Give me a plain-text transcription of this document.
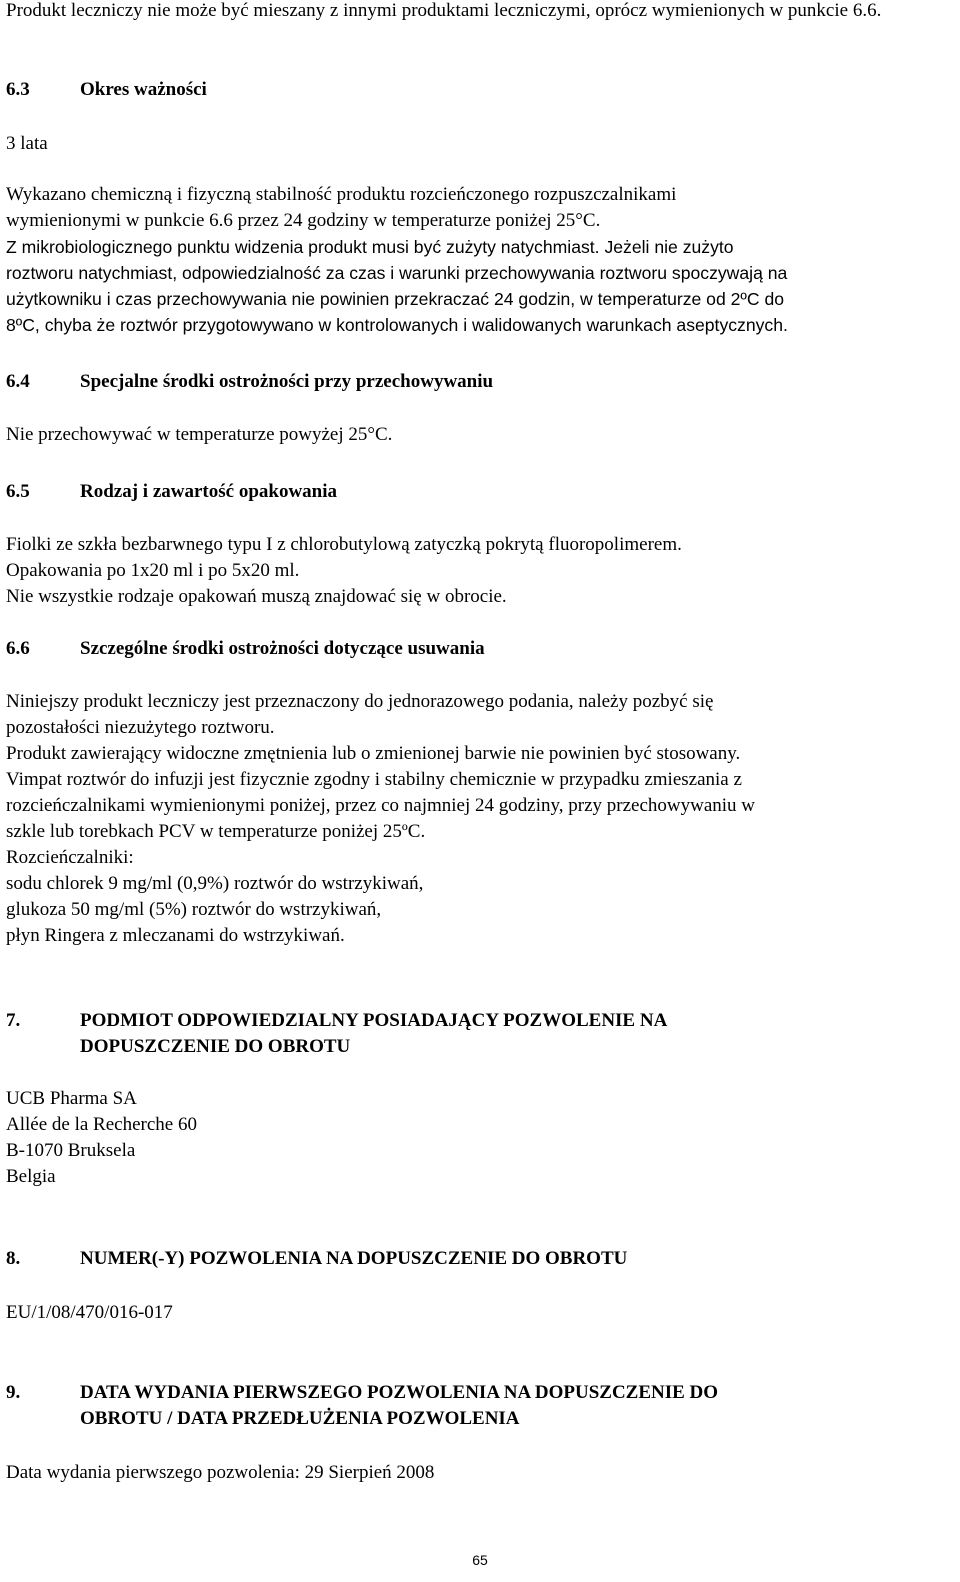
Produkt leczniczy nie może być mieszany z innymi produktami leczniczymi, oprócz wymienionych w punkcie 6.6.

6.3	Okres ważności

3 lata

Wykazano chemiczną i fizyczną stabilność produktu rozcieńczonego rozpuszczalnikami
wymienionymi w punkcie 6.6 przez 24 godziny w temperaturze poniżej 25°C.

Z mikrobiologicznego punktu widzenia produkt musi być zużyty natychmiast. Jeżeli nie zużyto
roztworu natychmiast, odpowiedzialność za czas i warunki przechowywania roztworu spoczywają na
użytkowniku i czas przechowywania nie powinien przekraczać 24 godzin, w temperaturze od 2ºC do
8ºC, chyba że roztwór przygotowywano w kontrolowanych i walidowanych warunkach aseptycznych.

6.4	Specjalne środki ostrożności przy przechowywaniu

Nie przechowywać w temperaturze powyżej 25°C.

6.5	Rodzaj i zawartość opakowania

Fiolki ze szkła bezbarwnego typu I z chlorobutylową zatyczką pokrytą fluoropolimerem.
Opakowania po 1x20 ml i po 5x20 ml.
Nie wszystkie rodzaje opakowań muszą znajdować się w obrocie.

6.6	Szczególne środki ostrożności dotyczące usuwania

Niniejszy produkt leczniczy jest przeznaczony do jednorazowego podania, należy pozbyć się
pozostałości niezużytego roztworu.
Produkt zawierający widoczne zmętnienia lub o zmienionej barwie nie powinien być stosowany.
Vimpat roztwór do infuzji jest fizycznie zgodny i stabilny chemicznie w przypadku zmieszania z
rozcieńczalnikami wymienionymi poniżej, przez co najmniej 24 godziny, przy przechowywaniu w
szkle lub torebkach PCV w temperaturze poniżej 25ºC.
Rozcieńczalniki:
sodu chlorek 9 mg/ml (0,9%) roztwór do wstrzykiwań,
glukoza 50 mg/ml (5%) roztwór do wstrzykiwań,
płyn Ringera z mleczanami do wstrzykiwań.

7.	PODMIOT ODPOWIEDZIALNY POSIADAJĄCY POZWOLENIE NA
DOPUSZCZENIE DO OBROTU

UCB Pharma SA
Allée de la Recherche 60
B-1070 Bruksela
Belgia

8.	NUMER(-Y) POZWOLENIA NA DOPUSZCZENIE DO OBROTU

EU/1/08/470/016-017

9.	DATA WYDANIA PIERWSZEGO POZWOLENIA NA DOPUSZCZENIE DO
OBROTU / DATA PRZEDŁUŻENIA POZWOLENIA

Data wydania pierwszego pozwolenia: 29 Sierpień 2008

65
